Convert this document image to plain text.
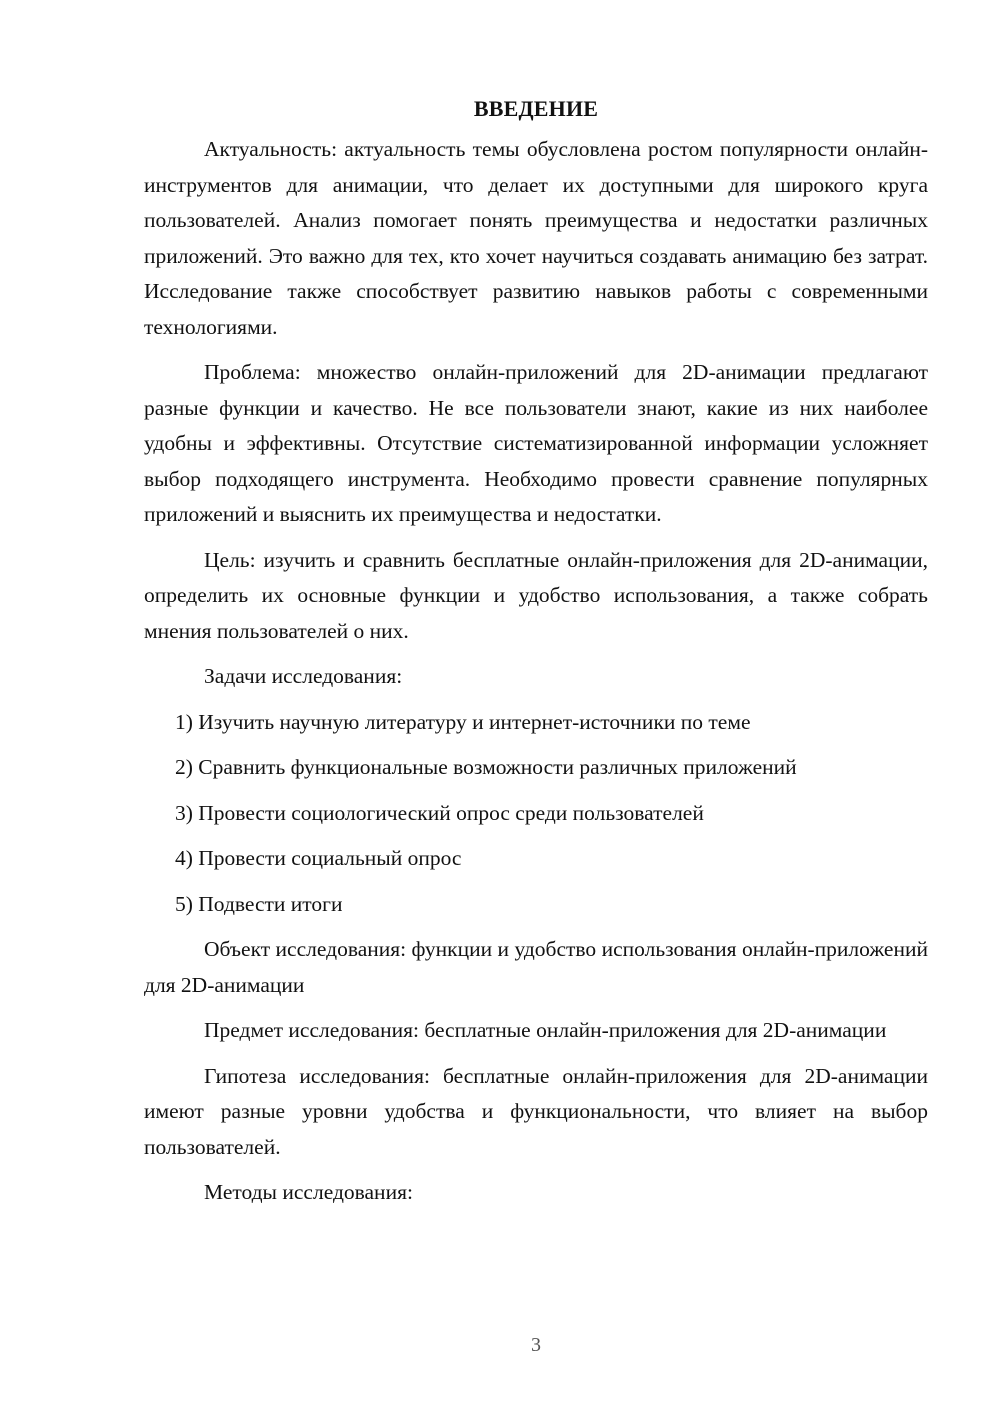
ВВЕДЕНИЕ

Актуальность: актуальность темы обусловлена ростом популярности онлайн-инструментов для анимации, что делает их доступными для широкого круга пользователей. Анализ помогает понять преимущества и недостатки различных приложений. Это важно для тех, кто хочет научиться создавать анимацию без затрат. Исследование также способствует развитию навыков работы с современными технологиями.

Проблема: множество онлайн-приложений для 2D-анимации предлагают разные функции и качество. Не все пользователи знают, какие из них наиболее удобны и эффективны. Отсутствие систематизированной информации усложняет выбор подходящего инструмента. Необходимо провести сравнение популярных приложений и выяснить их преимущества и недостатки.

Цель: изучить и сравнить бесплатные онлайн-приложения для 2D-анимации, определить их основные функции и удобство использования, а также собрать мнения пользователей о них.

Задачи исследования:

1) Изучить научную литературу и интернет-источники по теме
2) Сравнить функциональные возможности различных приложений
3) Провести социологический опрос среди пользователей
4) Провести социальный опрос
5) Подвести итоги

Объект исследования: функции и удобство использования онлайн-приложений для 2D-анимации

Предмет исследования: бесплатные онлайн-приложения для 2D-анимации

Гипотеза исследования: бесплатные онлайн-приложения для 2D-анимации имеют разные уровни удобства и функциональности, что влияет на выбор пользователей.

Методы исследования:

3
